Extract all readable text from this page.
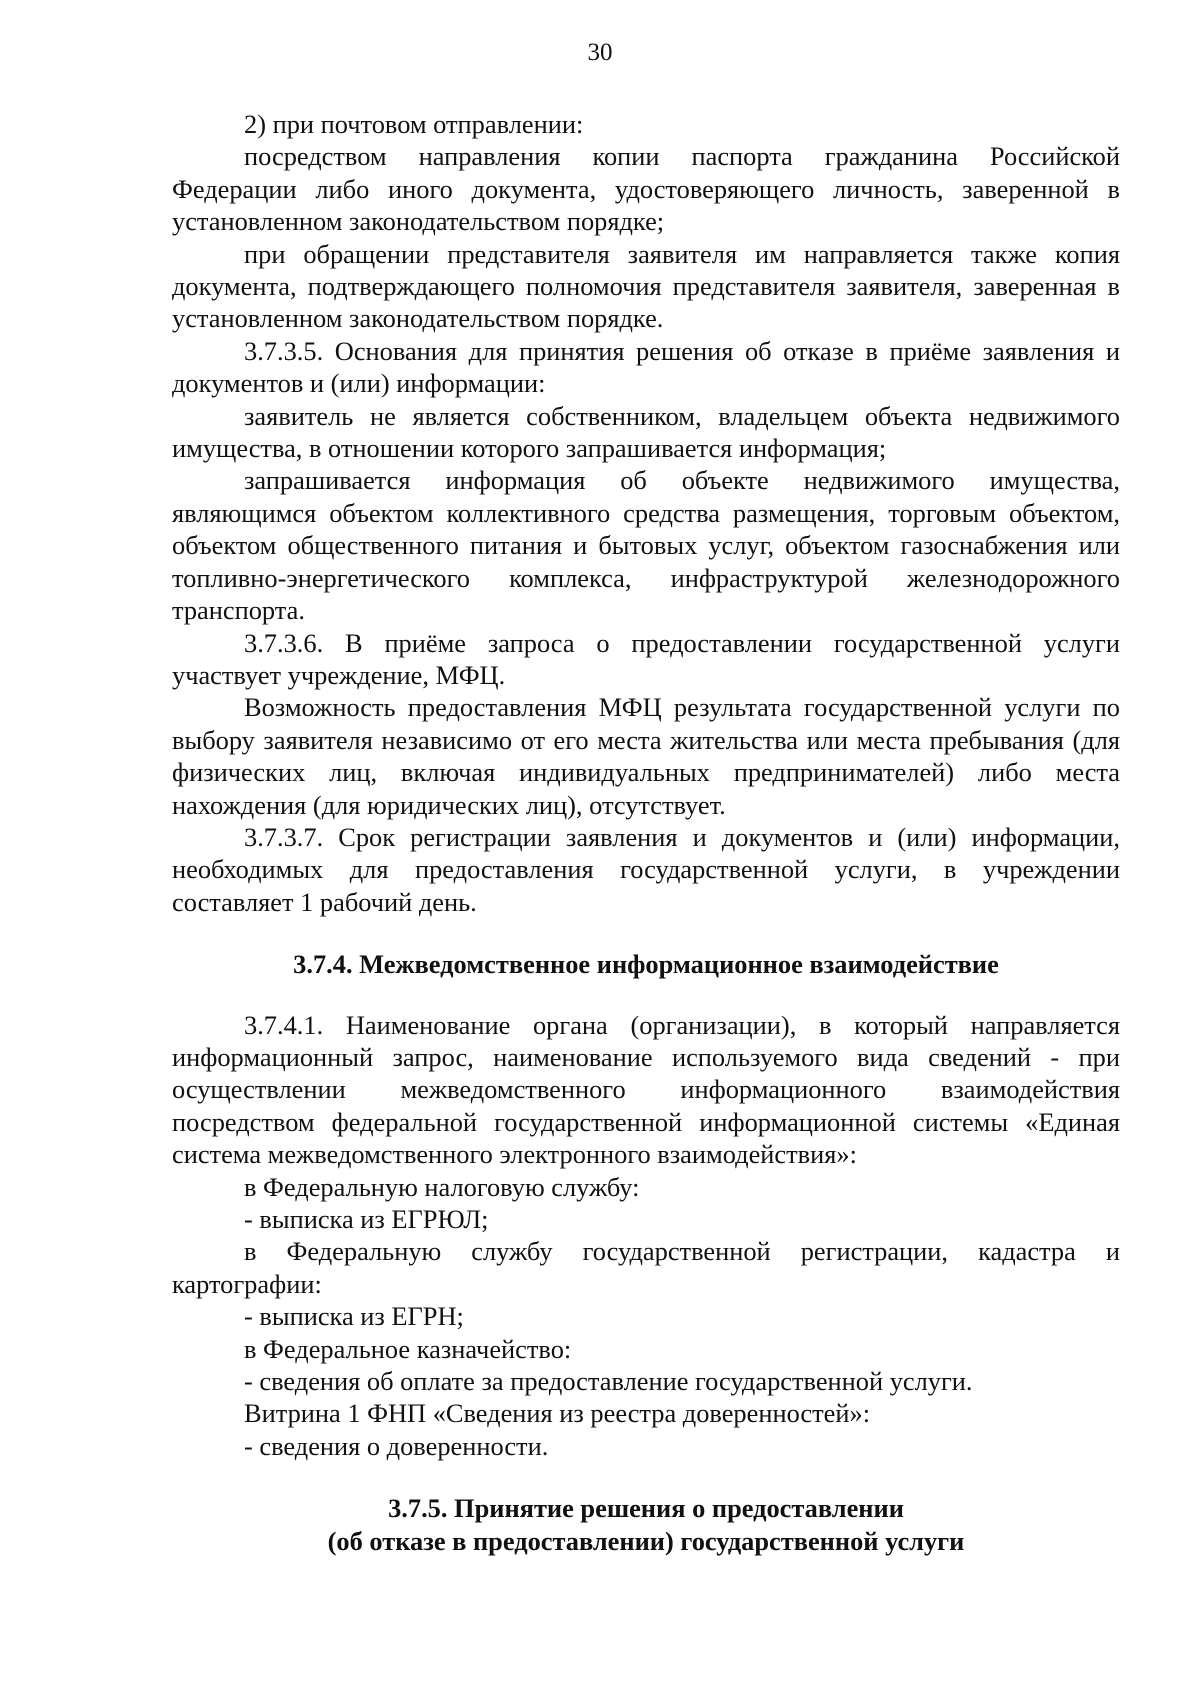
30

2) при почтовом отправлении:

посредством направления копии паспорта гражданина Российской Федерации либо иного документа, удостоверяющего личность, заверенной в установленном законодательством порядке;

при обращении представителя заявителя им направляется также копия документа, подтверждающего полномочия представителя заявителя, заверенная в установленном законодательством порядке.

3.7.3.5. Основания для принятия решения об отказе в приёме заявления и документов и (или) информации:

заявитель не является собственником, владельцем объекта недвижимого имущества, в отношении которого запрашивается информация;

запрашивается информация об объекте недвижимого имущества, являющимся объектом коллективного средства размещения, торговым объектом, объектом общественного питания и бытовых услуг, объектом газоснабжения или топливно-энергетического комплекса, инфраструктурой железнодорожного транспорта.

3.7.3.6. В приёме запроса о предоставлении государственной услуги участвует учреждение, МФЦ.

Возможность предоставления МФЦ результата государственной услуги по выбору заявителя независимо от его места жительства или места пребывания (для физических лиц, включая индивидуальных предпринимателей) либо места нахождения (для юридических лиц), отсутствует.

3.7.3.7. Срок регистрации заявления и документов и (или) информации, необходимых для предоставления государственной услуги, в учреждении составляет 1 рабочий день.

3.7.4. Межведомственное информационное взаимодействие

3.7.4.1. Наименование органа (организации), в который направляется информационный запрос, наименование используемого вида сведений - при осуществлении межведомственного информационного взаимодействия посредством федеральной государственной информационной системы «Единая система межведомственного электронного взаимодействия»:

в Федеральную налоговую службу:

- выписка из ЕГРЮЛ;

в Федеральную службу государственной регистрации, кадастра и картографии:

- выписка из ЕГРН;

в Федеральное казначейство:

- сведения об оплате за предоставление государственной услуги.

Витрина 1 ФНП «Сведения из реестра доверенностей»:

- сведения о доверенности.

3.7.5. Принятие решения о предоставлении
(об отказе в предоставлении) государственной услуги
